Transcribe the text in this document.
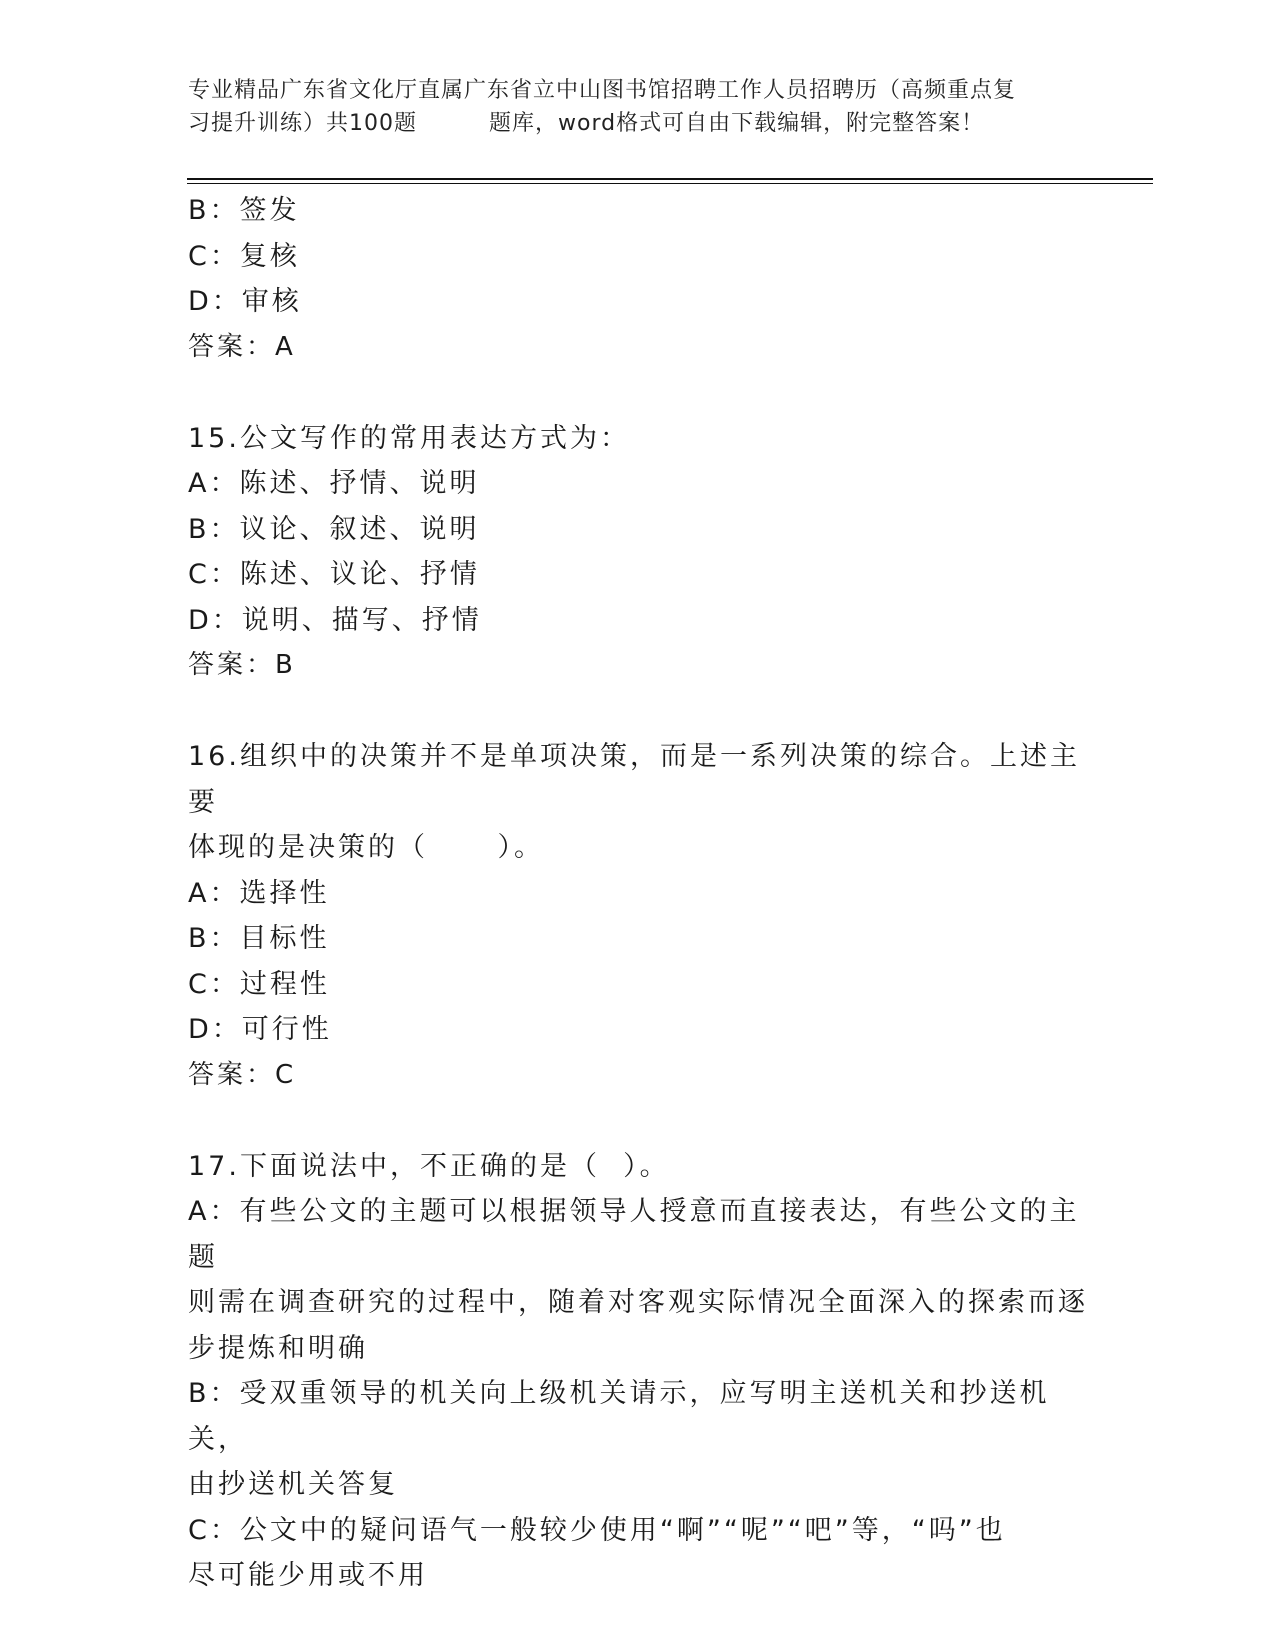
专业精品广东省文化厅直属广东省立中山图书馆招聘工作人员招聘历（高频重点复
习提升训练）共100题	题库，word格式可自由下载编辑，附完整答案！
B：签发
C：复核
D：审核
答案：A
15.公文写作的常用表达方式为：
A：陈述、抒情、说明
B：议论、叙述、说明
C：陈述、议论、抒情
D：说明、描写、抒情
答案：B
16.组织中的决策并不是单项决策，而是一系列决策的综合。上述主要
体现的是决策的（      ）。
A：选择性
B：目标性
C：过程性
D：可行性
答案：C
17.下面说法中，不正确的是（  ）。
A：有些公文的主题可以根据领导人授意而直接表达，有些公文的主题
则需在调查研究的过程中，随着对客观实际情况全面深入的探索而逐
步提炼和明确
B：受双重领导的机关向上级机关请示，应写明主送机关和抄送机关，
由抄送机关答复
C：公文中的疑问语气一般较少使用“啊”“呢”“吧”等，“吗”也
尽可能少用或不用
